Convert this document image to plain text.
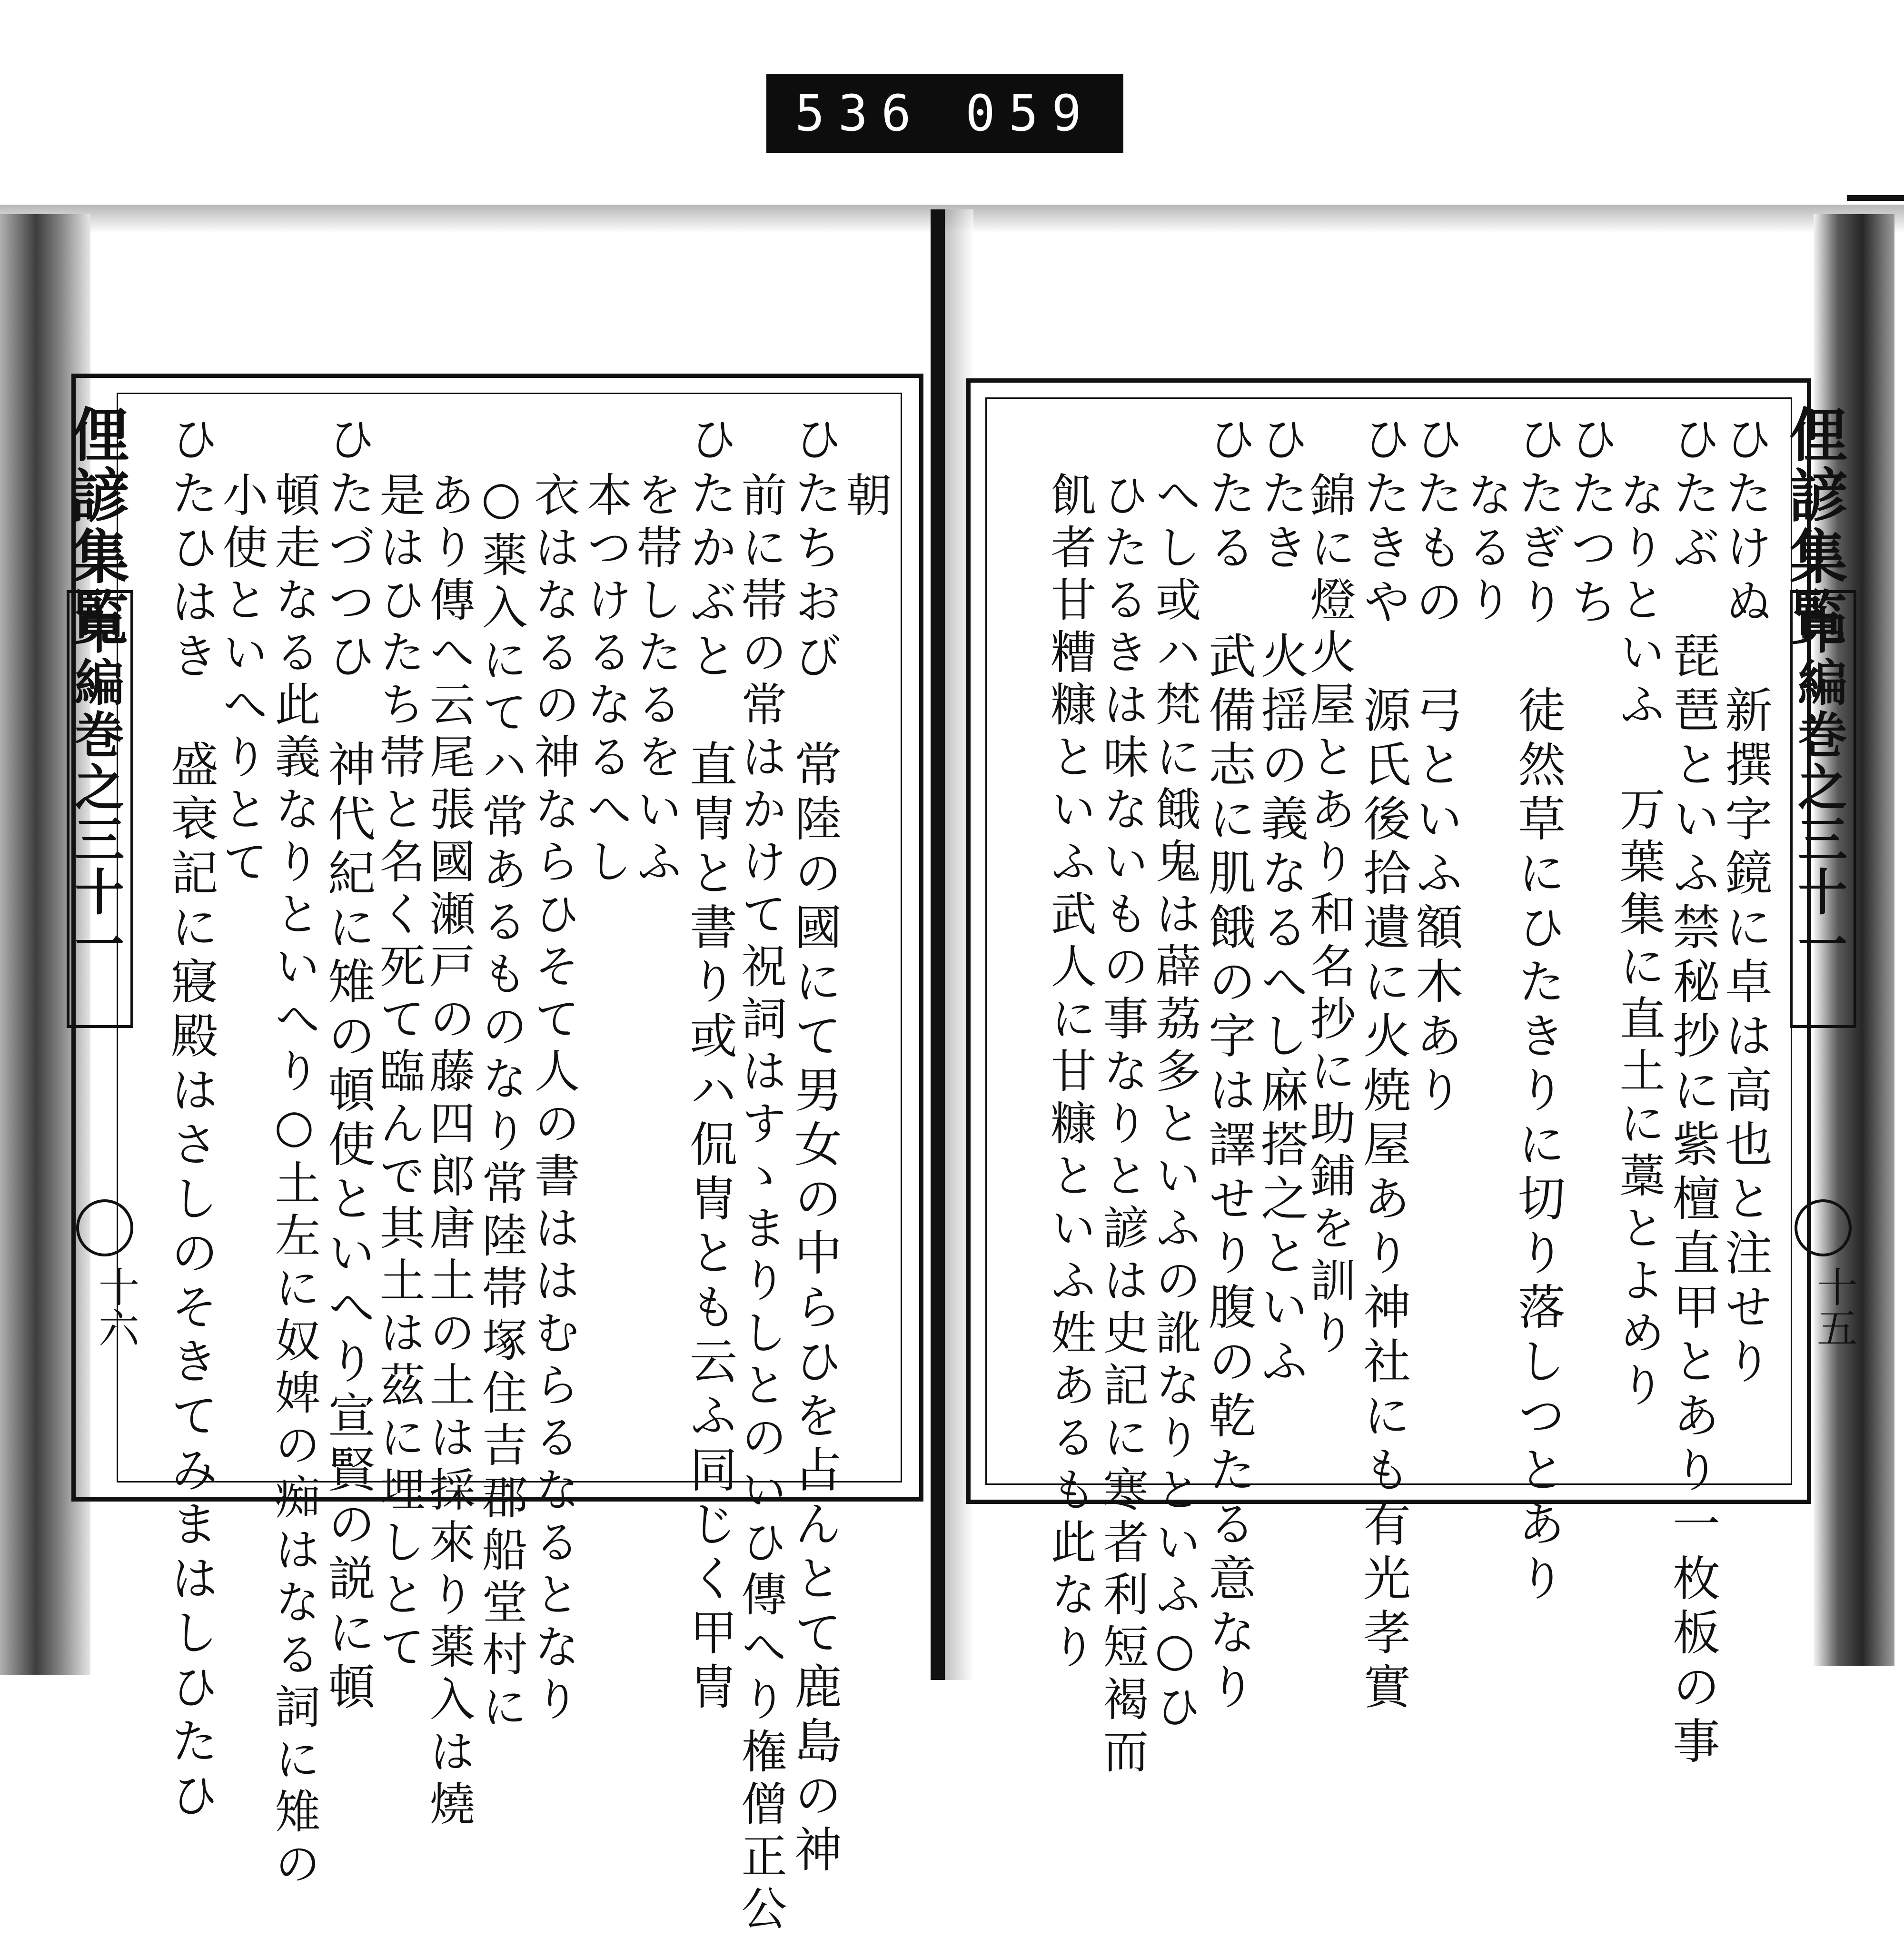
536 059
俚諺集覧
中編巻之三十一
十五
ひたけぬ　新撰字鏡に卓は高也と注せり
ひたぶ　琵琶といふ禁秘抄に紫檀直甲とあり一枚板の事
なりといふ　万葉集に直土に藁とよめり
ひたつち
ひたぎり　徒然草にひたきりに切り落しつとあり
なるり
ひたもの　弓といふ額木あり
ひたきや　源氏後拾遺に火焼屋あり神社にも有光孝實
錦に燈火屋とあり和名抄に助鋪を訓り
ひたき　火揺の義なるへし麻搭之といふ
ひたる　武備志に肌餓の字は譯せり腹の乾たる意なり
へし或ハ梵に餓鬼は薜荔多といふの訛なりといふ○ひ
ひたるきは味ないもの事なりと諺は史記に寒者利短褐而
飢者甘糟糠といふ武人に甘糠といふ姓あるも此なり
俚諺集覧
中編巻之三十一
十六
朝
ひたちおび　常陸の國にて男女の中らひを占んとて鹿島の神
前に帯の常はかけて祝詞はすゝまりしとのいひ傳へり権僧正公
ひたかぶと　直冑と書り或ハ侃冑とも云ふ同じく甲冑
を帯したるをいふ
本つけるなるへし
衣はなるの神ならひそて人の書ははむらるなるとなり
○薬入にてハ常あるものなり常陸帯塚住吉郡船堂村に
あり傳へ云尾張國瀬戸の藤四郎唐土の土は採來り薬入は燒
是はひたち帯と名く死て臨んで其土は茲に埋しとて
ひたづつひ　神代紀に雉の頓使といへり宣賢の説に頓
頓走なる此義なりといへり○土左に奴婢の痴はなる詞に雉の
小使といへりとて
ひたひはき　盛衰記に寢殿はさしのそきてみまはしひたひ
